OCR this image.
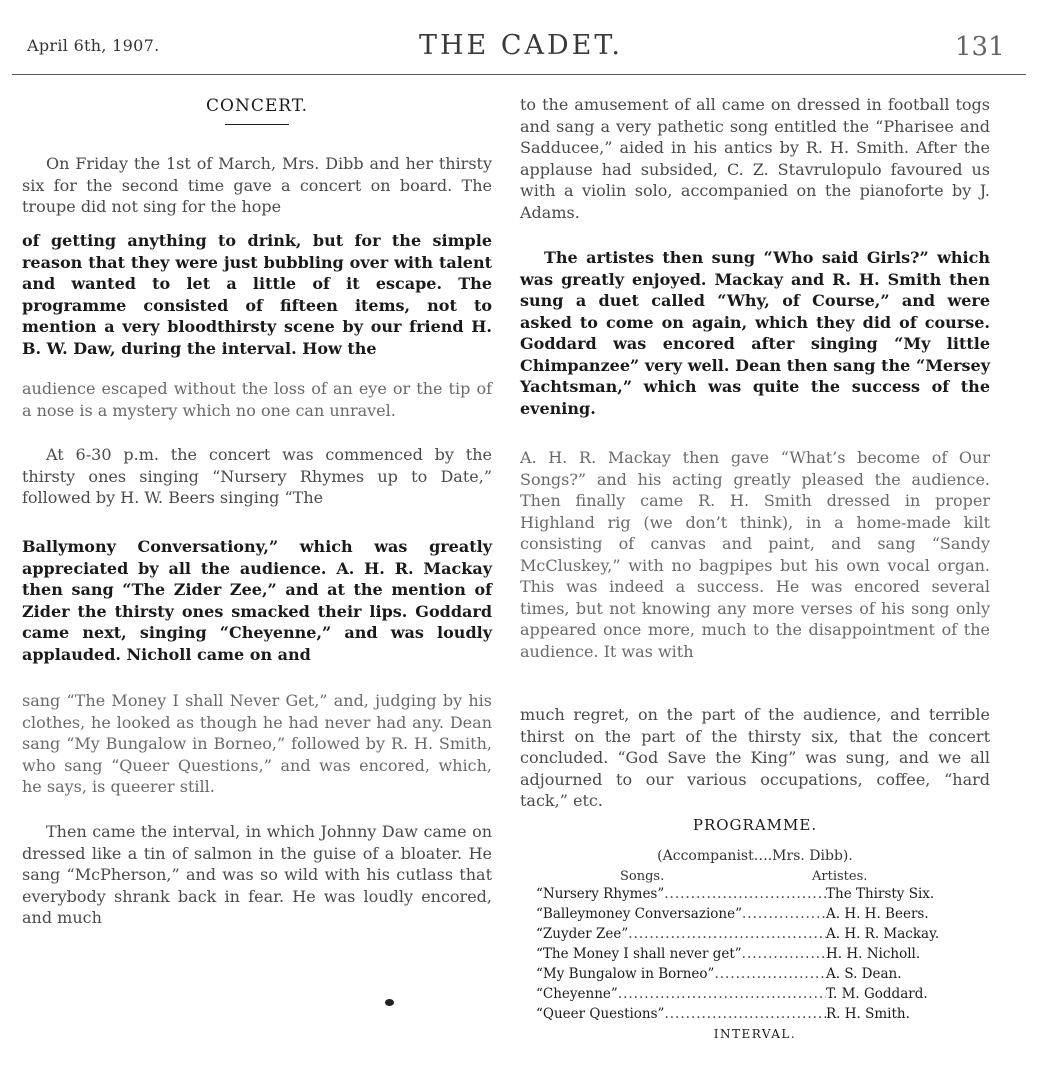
April 6th, 1907.	THE CADET.	131
CONCERT.

On Friday the 1st of March, Mrs. Dibb and her thirsty six for the second time gave a concert on board. The troupe did not sing for the hope

of getting anything to drink, but for the simple reason that they were just bubbling over with talent and wanted to let a little of it escape. The programme consisted of fifteen items, not to mention a very bloodthirsty scene by our friend H. B. W. Daw, during the interval. How the

audience escaped without the loss of an eye or the tip of a nose is a mystery which no one can unravel.

At 6-30 p.m. the concert was commenced by the thirsty ones singing “Nursery Rhymes up to Date,” followed by H. W. Beers singing “The

Ballymony Conversationy,” which was greatly appreciated by all the audience. A. H. R. Mackay then sang “The Zider Zee,” and at the mention of Zider the thirsty ones smacked their lips. Goddard came next, singing “Cheyenne,” and was loudly applauded. Nicholl came on and

sang “The Money I shall Never Get,” and, judging by his clothes, he looked as though he had never had any. Dean sang “My Bungalow in Borneo,” followed by R. H. Smith, who sang “Queer Questions,” and was encored, which, he says, is queerer still.

Then came the interval, in which Johnny Daw came on dressed like a tin of salmon in the guise of a bloater. He sang “McPherson,” and was so wild with his cutlass that everybody shrank back in fear. He was loudly encored, and much

to the amusement of all came on dressed in football togs and sang a very pathetic song entitled the “Pharisee and Sadducee,” aided in his antics by R. H. Smith. After the applause had subsided, C. Z. Stavrulopulo favoured us with a violin solo, accompanied on the pianoforte by J. Adams.

The artistes then sung “Who said Girls?” which was greatly enjoyed. Mackay and R. H. Smith then sung a duet called “Why, of Course,” and were asked to come on again, which they did of course. Goddard was encored after singing “My little Chimpanzee” very well. Dean then sang the “Mersey Yachtsman,” which was quite the success of the evening.

A. H. R. Mackay then gave “What’s become of Our Songs?” and his acting greatly pleased the audience. Then finally came R. H. Smith dressed in proper Highland rig (we don’t think), in a home-made kilt consisting of canvas and paint, and sang “Sandy McCluskey,” with no bagpipes but his own vocal organ. This was indeed a success. He was encored several times, but not knowing any more verses of his song only appeared once more, much to the disappointment of the audience. It was with

much regret, on the part of the audience, and terrible thirst on the part of the thirsty six, that the concert concluded. “God Save the King” was sung, and we all adjourned to our various occupations, coffee, “hard tack,” etc.

PROGRAMME.
(Accompanist….Mrs. Dibb).
Songs.	Artistes.
“Nursery Rhymes” .....	The Thirsty Six.
“Balleymoney Conversazione” .....	A. H. H. Beers.
“Zuyder Zee” .....	A. H. R. Mackay.
“The Money I shall never get” .....	H. H. Nicholl.
“My Bungalow in Borneo” .....	A. S. Dean.
“Cheyenne” .....	T. M. Goddard.
“Queer Questions” .....	R. H. Smith.
INTERVAL.
